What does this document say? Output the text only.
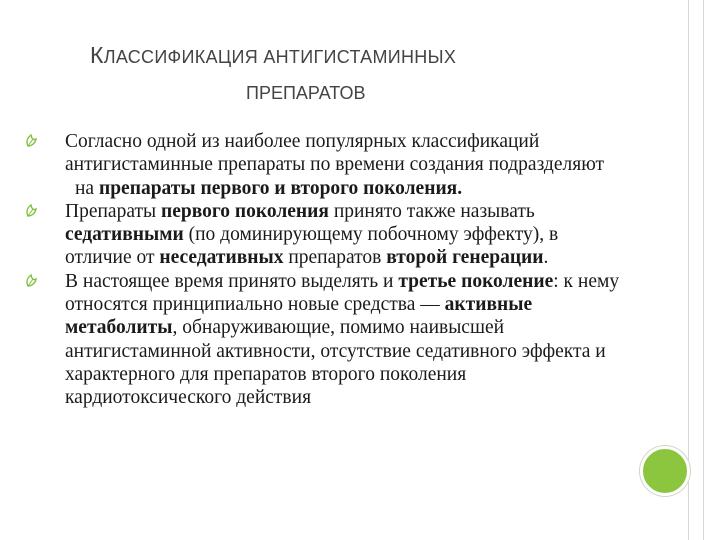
КЛАССИФИКАЦИЯ АНТИГИСТАМИННЫХ
ПРЕПАРАТОВ
Согласно одной из наиболее популярных классификаций антигистаминные препараты по времени создания подразделяют
на препараты первого и второго поколения.
Препараты первого поколения принято также называть седативными (по доминирующему побочному эффекту), в отличие от неседативных препаратов второй генерации.
В настоящее время принято выделять и третье поколение: к нему относятся принципиально новые средства — активные метаболиты, обнаруживающие, помимо наивысшей антигистаминной активности, отсутствие седативного эффекта и характерного для препаратов второго поколения кардиотоксического действия
